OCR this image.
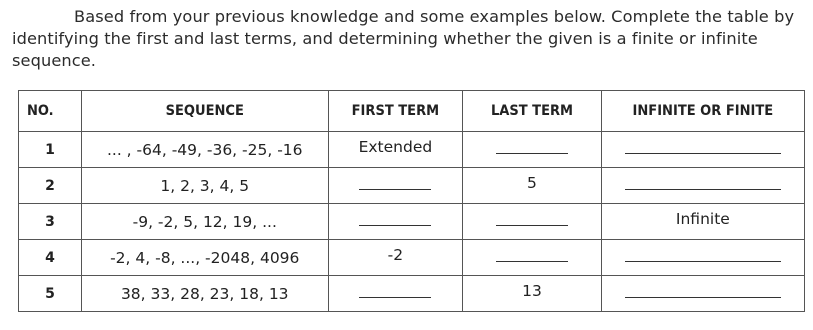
Based from your previous knowledge and some examples below. Complete the table by identifying the first and last terms, and determining whether the given is a finite or infinite sequence.
NO.	SEQUENCE	FIRST TERM	LAST TERM	INFINITE OR FINITE
1	... , -64, -49, -36, -25, -16	Extended		
2	1, 2, 3, 4, 5		5	
3	-9, -2, 5, 12, 19, ...			Infinite
4	-2, 4, -8, ..., -2048, 4096	-2		
5	38, 33, 28, 23, 18, 13		13	
